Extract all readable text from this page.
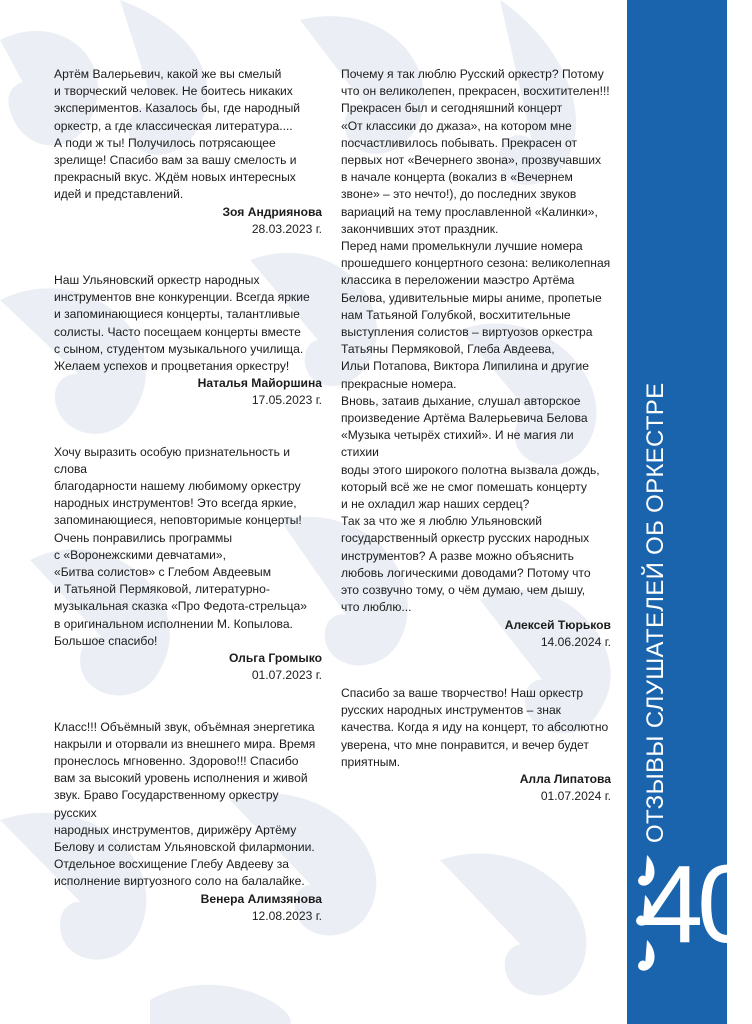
Артём Валерьевич, какой же вы смелый
и творческий человек. Не боитесь никаких
экспериментов. Казалось бы, где народный
оркестр, а где классическая литература....
А поди ж ты! Получилось потрясающее
зрелище! Спасибо вам за вашу смелость и
прекрасный вкус. Ждём новых интересных
идей и представлений.

Зоя Андриянова
28.03.2023 г.

Наш Ульяновский оркестр народных
инструментов вне конкуренции. Всегда яркие
и запоминающиеся концерты, талантливые
солисты. Часто посещаем концерты вместе
с сыном, студентом музыкального училища.
Желаем успехов и процветания оркестру!

Наталья Майоршина
17.05.2023 г.

Хочу выразить особую признательность и слова
благодарности нашему любимому оркестру
народных инструментов! Это всегда яркие,
запоминающиеся, неповторимые концерты!
Очень понравились программы
с «Воронежскими девчатами»,
«Битва солистов» с Глебом Авдеевым
и Татьяной Пермяковой, литературно-
музыкальная сказка «Про Федота-стрельца»
в оригинальном исполнении М. Копылова.
Большое спасибо!

Ольга Громыко
01.07.2023 г.

Класс!!! Объёмный звук, объёмная энергетика
накрыли и оторвали из внешнего мира. Время
пронеслось мгновенно. Здорово!!! Спасибо
вам за высокий уровень исполнения и живой
звук. Браво Государственному оркестру русских
народных инструментов, дирижёру Артёму
Белову и солистам Ульяновской филармонии.
Отдельное восхищение Глебу Авдееву за
исполнение виртуозного соло на балалайке.

Венера Алимзянова
12.08.2023 г.

Почему я так люблю Русский оркестр? Потому
что он великолепен, прекрасен, восхитителен!!!
Прекрасен был и сегодняшний концерт
«От классики до джаза», на котором мне
посчастливилось побывать. Прекрасен от
первых нот «Вечернего звона», прозвучавших
в начале концерта (вокализ в «Вечернем
звоне» – это нечто!), до последних звуков
вариаций на тему прославленной «Калинки»,
закончивших этот праздник.
Перед нами промелькнули лучшие номера
прошедшего концертного сезона: великолепная
классика в переложении маэстро Артёма
Белова, удивительные миры аниме, пропетые
нам Татьяной Голубкой, восхитительные
выступления солистов – виртуозов оркестра
Татьяны Пермяковой, Глеба Авдеева,
Ильи Потапова, Виктора Липилина и другие
прекрасные номера.
Вновь, затаив дыхание, слушал авторское
произведение Артёма Валерьевича Белова
«Музыка четырёх стихий». И не магия ли стихии
воды этого широкого полотна вызвала дождь,
который всё же не смог помешать концерту
и не охладил жар наших сердец?
Так за что же я люблю Ульяновский
государственный оркестр русских народных
инструментов? А разве можно объяснить
любовь логическими доводами? Потому что
это созвучно тому, о чём думаю, чем дышу,
что люблю...

Алексей Тюрьков
14.06.2024 г.

Спасибо за ваше творчество! Наш оркестр
русских народных инструментов – знак
качества. Когда я иду на концерт, то абсолютно
уверена, что мне понравится, и вечер будет
приятным.

Алла Липатова
01.07.2024 г. ОТЗЫВЫ СЛУШАТЕЛЕЙ ОБ ОРКЕСТРЕ
40
